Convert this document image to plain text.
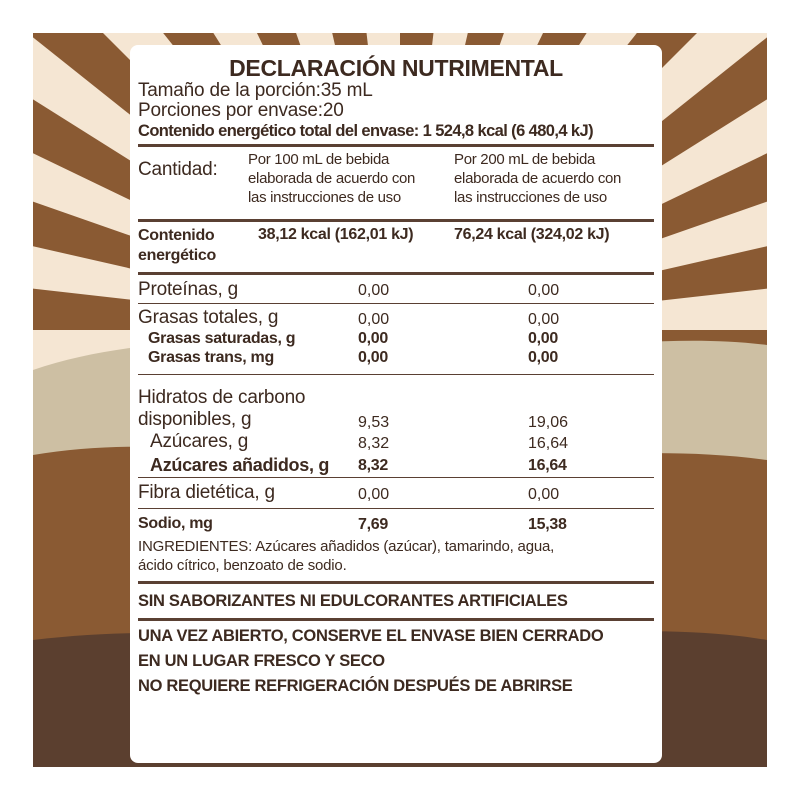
DECLARACIÓN NUTRIMENTAL
Tamaño de la porción:35 mL
Porciones por envase:20
Contenido energético total del envase: 1 524,8 kcal (6 480,4 kJ)
Cantidad: Por 100 mL de bebida
elaborada de acuerdo con
las instrucciones de uso
Por 200 mL de bebida
elaborada de acuerdo con
las instrucciones de uso
Contenido
energético
38,12 kcal (162,01 kJ)	76,24 kcal (324,02 kJ)
Proteínas, g	0,00	0,00
Grasas totales, g	0,00	0,00
Grasas saturadas, g	0,00	0,00
Grasas trans, mg	0,00	0,00
Hidratos de carbono
disponibles, g	9,53	19,06
Azúcares, g	8,32	16,64
Azúcares añadidos, g 8,32	16,64
Fibra dietética, g	0,00	0,00
Sodio, mg	7,69	15,38
INGREDIENTES: Azúcares añadidos (azúcar), tamarindo, agua,
ácido cítrico, benzoato de sodio.
SIN SABORIZANTES NI EDULCORANTES ARTIFICIALES
UNA VEZ ABIERTO, CONSERVE EL ENVASE BIEN CERRADO
EN UN LUGAR FRESCO Y SECO
NO REQUIERE REFRIGERACIÓN DESPUÉS DE ABRIRSE
